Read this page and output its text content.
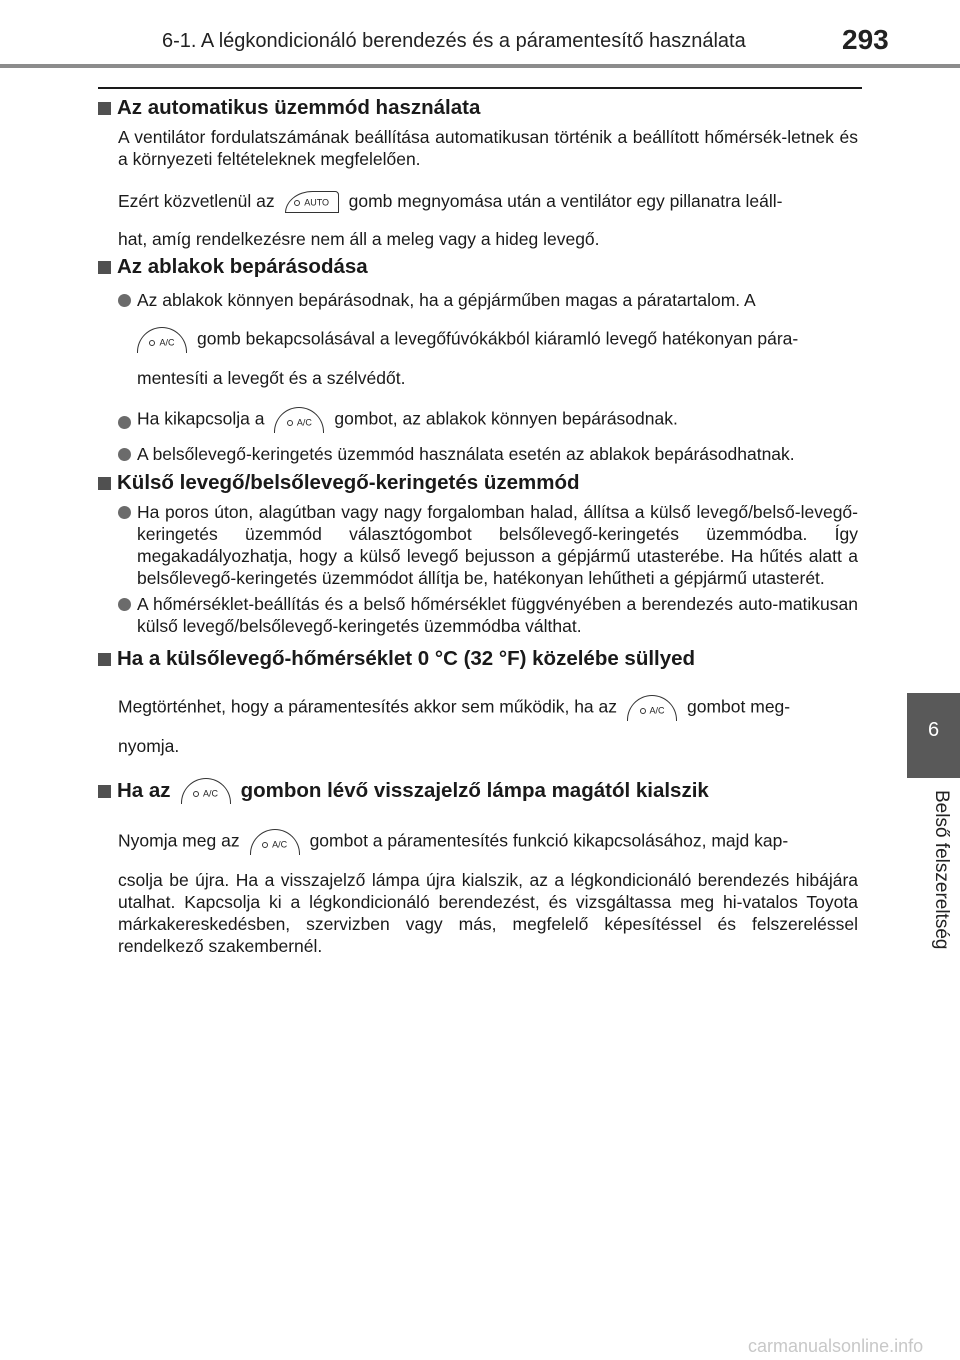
6-1. A légkondicionáló berendezés és a páramentesítő használata	293
Az automatikus üzemmód használata
A ventilátor fordulatszámának beállítása automatikusan történik a beállított hőmérsék-letnek és a környezeti feltételeknek megfelelően.
Ezért közvetlenül az	AUTO gomb megnyomása után a ventilátor egy pillanatra leáll-
hat, amíg rendelkezésre nem áll a meleg vagy a hideg levegő.
Az ablakok bepárásodása
Az ablakok könnyen bepárásodnak, ha a gépjárműben magas a páratartalom. A
A/C gomb bekapcsolásával a levegőfúvókákból kiáramló levegő hatékonyan pára-
mentesíti a levegőt és a szélvédőt.
Ha kikapcsolja a	A/C gombot, az ablakok könnyen bepárásodnak.
A belsőlevegő-keringetés üzemmód használata esetén az ablakok bepárásodhatnak.
Külső levegő/belsőlevegő-keringetés üzemmód
Ha poros úton, alagútban vagy nagy forgalomban halad, állítsa a külső levegő/belső-levegő-keringetés üzemmód választógombot belsőlevegő-keringetés üzemmódba. Így megakadályozhatja, hogy a külső levegő bejusson a gépjármű utasterébe. Ha hűtés alatt a belsőlevegő-keringetés üzemmódot állítja be, hatékonyan lehűtheti a gépjármű utasterét.
A hőmérséklet-beállítás és a belső hőmérséklet függvényében a berendezés auto-matikusan külső levegő/belsőlevegő-keringetés üzemmódba válthat.
Ha a külsőlevegő-hőmérséklet 0 °C (32 °F) közelébe süllyed
Megtörténhet, hogy a páramentesítés akkor sem működik, ha az	A/C gombot meg-
nyomja.
Ha az	A/C	gombon lévő visszajelző lámpa magától kialszik
Nyomja meg az	A/C gombot a páramentesítés funkció kikapcsolásához, majd kap-
csolja be újra. Ha a visszajelző lámpa újra kialszik, az a légkondicionáló berendezés hibájára utalhat. Kapcsolja ki a légkondicionáló berendezést, és vizsgáltassa meg hi-vatalos Toyota márkakereskedésben, szervizben vagy más, megfelelő képesítéssel és felszereléssel rendelkező szakembernél.
6
Belső felszereltség
carmanualsonline.info
